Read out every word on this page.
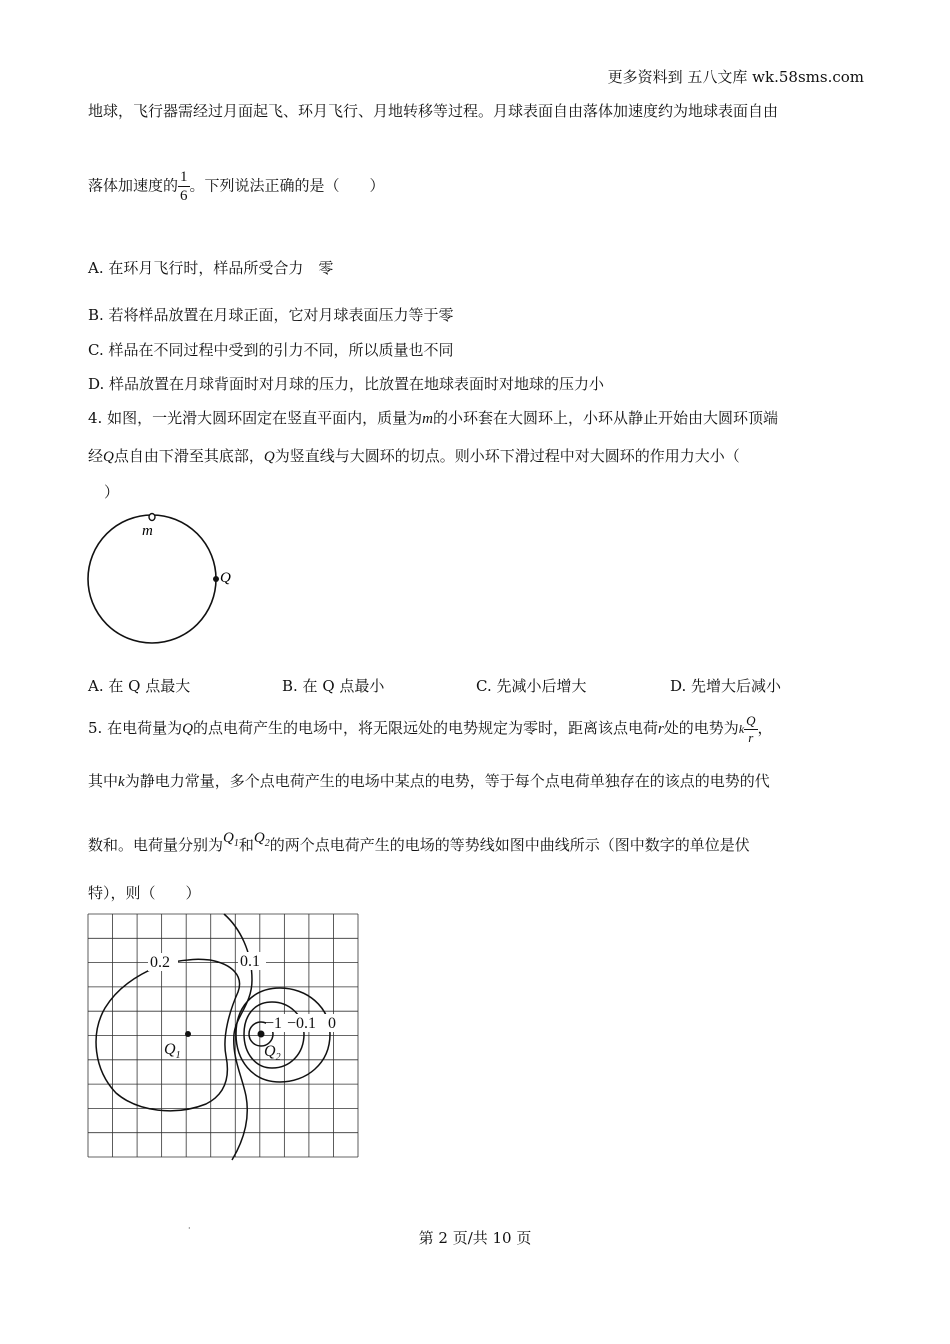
更多资料到 五八文库 wk.58sms.com
地球，飞行器需经过月面起飞、环月飞行、月地转移等过程。月球表面自由落体加速度约为地球表面自由
落体加速度的 $\frac{1}{6}$ 。下列说法正确的是（　　）
A. 在环月飞行时，样品所受合力　零
B. 若将样品放置在月球正面，它对月球表面压力等于零
C. 样品在不同过程中受到的引力不同，所以质量也不同
D. 样品放置在月球背面时对月球的压力，比放置在地球表面时对地球的压力小
4. 如图，一光滑大圆环固定在竖直平面内，质量为m的小环套在大圆环上，小环从静止开始由大圆环顶端
经Q点自由下滑至其底部，Q为竖直线与大圆环的切点。则小环下滑过程中对大圆环的作用力大小（
）
m
Q
A. 在 Q 点最大	B. 在 Q 点最小	C. 先减小后增大	D. 先增大后减小
5. 在电荷量为Q的点电荷产生的电场中，将无限远处的电势规定为零时，距离该点电荷r处的电势为k $\frac{Q}{r}$ ，
其中k为静电力常量，多个点电荷产生的电场中某点的电势，等于每个点电荷单独存在的该点的电势的代
数和。电荷量分别为$Q_1$和$Q_2$的两个点电荷产生的电场的等势线如图中曲线所示（图中数字的单位是伏
特），则（　　）
0.2	0.1
−1 −0.1 0
$Q_1$	$Q_2$
第 2 页/共 10 页
·
